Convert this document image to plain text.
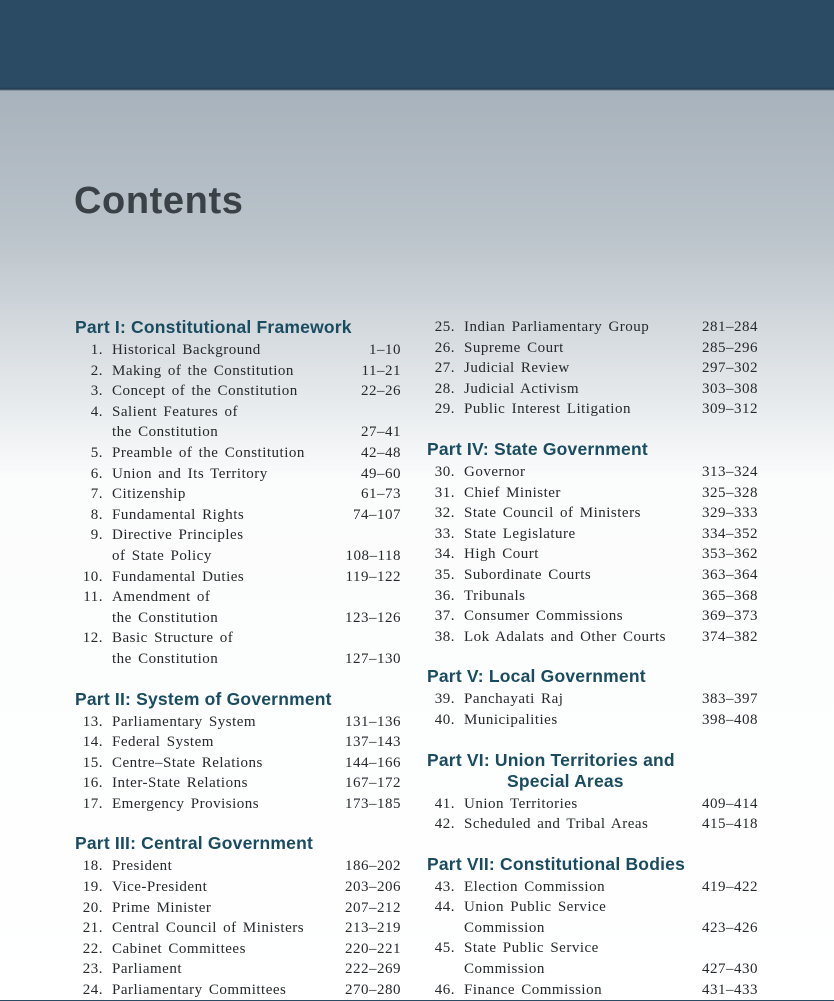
Contents
Part I: Constitutional Framework
1. Historical Background	1–10
2. Making of the Constitution	11–21
3. Concept of the Constitution	22–26
4. Salient Features of
the Constitution	27–41
5. Preamble of the Constitution	42–48
6. Union and Its Territory	49–60
7. Citizenship	61–73
8. Fundamental Rights	74–107
9. Directive Principles
of State Policy	108–118
10. Fundamental Duties	119–122
11. Amendment of
the Constitution	123–126
12. Basic Structure of
the Constitution	127–130
Part II: System of Government
13. Parliamentary System	131–136
14. Federal System	137–143
15. Centre–State Relations	144–166
16. Inter-State Relations	167–172
17. Emergency Provisions	173–185
Part III: Central Government
18. President	186–202
19. Vice-President	203–206
20. Prime Minister	207–212
21. Central Council of Ministers	213–219
22. Cabinet Committees	220–221
23. Parliament	222–269
24. Parliamentary Committees	270–280
25. Indian Parliamentary Group	281–284
26. Supreme Court	285–296
27. Judicial Review	297–302
28. Judicial Activism	303–308
29. Public Interest Litigation	309–312
Part IV: State Government
30. Governor	313–324
31. Chief Minister	325–328
32. State Council of Ministers	329–333
33. State Legislature	334–352
34. High Court	353–362
35. Subordinate Courts	363–364
36. Tribunals	365–368
37. Consumer Commissions	369–373
38. Lok Adalats and Other Courts	374–382
Part V: Local Government
39. Panchayati Raj	383–397
40. Municipalities	398–408
Part VI: Union Territories and
Special Areas
41. Union Territories	409–414
42. Scheduled and Tribal Areas	415–418
Part VII: Constitutional Bodies
43. Election Commission	419–422
44. Union Public Service
Commission	423–426
45. State Public Service
Commission	427–430
46. Finance Commission	431–433
